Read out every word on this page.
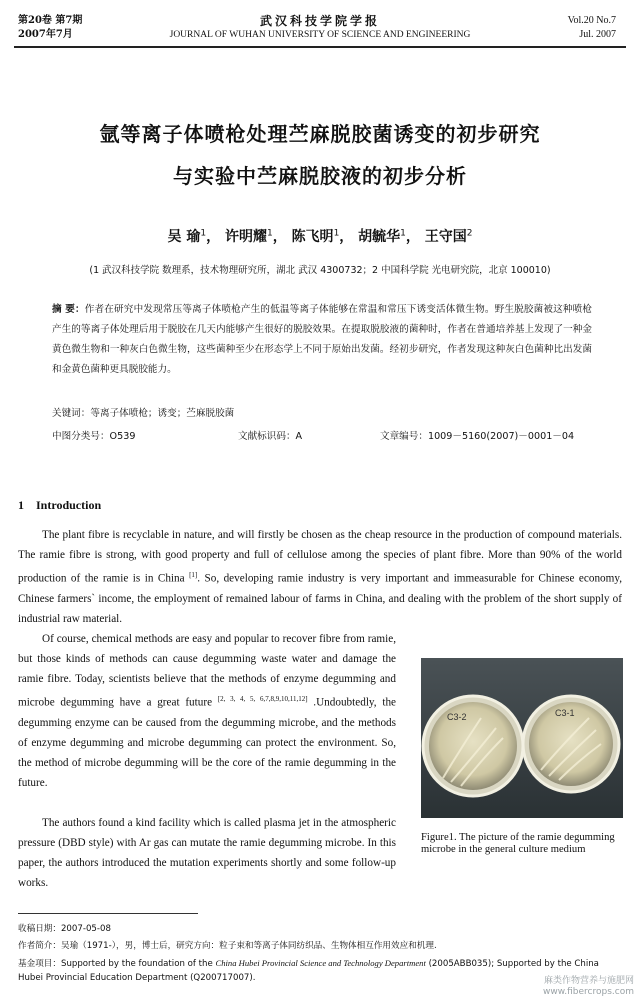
第20卷 第7期
2007年7月
武汉科技学院学报
JOURNAL OF WUHAN UNIVERSITY OF SCIENCE AND ENGINEERING
Vol.20 No.7
Jul. 2007
氩等离子体喷枪处理苎麻脱胶菌诱变的初步研究
与实验中苎麻脱胶液的初步分析
吴 瑜$^1$， 许明耀$^1$， 陈飞明$^1$， 胡毓华$^1$， 王守国$^2$
(1 武汉科技学院 数理系，技术物理研究所，湖北 武汉 4300732；2 中国科学院 光电研究院，北京 100010)
摘 要：作者在研究中发现常压等离子体喷枪产生的低温等离子体能够在常温和常压下诱变活体微生物。野生脱胶菌被这种喷枪产生的等离子体处理后用于脱胶在几天内能够产生很好的脱胶效果。在提取脱胶液的菌种时，作者在普通培养基上发现了一种金黄色微生物和一种灰白色微生物，这些菌种至少在形态学上不同于原始出发菌。经初步研究，作者发现这种灰白色菌种比出发菌和金黄色菌种更具脱胶能力。
关键词：等离子体喷枪；诱变；苎麻脱胶菌
中图分类号：O539	文献标识码：A	文章编号：1009－5160(2007)－0001－04
1 Introduction
The plant fibre is recyclable in nature, and will firstly be chosen as the cheap resource in the production of compound materials. The ramie fibre is strong, with good property and full of cellulose among the species of plant fibre. More than 90% of the world production of the ramie is in China [1]. So, developing ramie industry is very important and immeasurable for Chinese economy, Chinese farmers` income, the employment of remained labour of farms in China, and dealing with the problem of the short supply of industrial raw material.
Of course, chemical methods are easy and popular to recover fibre from ramie, but those kinds of methods can cause degumming waste water and damage the ramie fibre. Today, scientists believe that the methods of enzyme degumming and microbe degumming have a great future [2, 3, 4, 5, 6,7,8,9,10,11,12] .Undoubtedly, the degumming enzyme can be caused from the degumming microbe, and the methods of enzyme degumming and microbe degumming can protect the environment. So, the method of microbe degumming will be the core of the ramie degumming in the future.
The authors found a kind facility which is called plasma jet in the atmospheric pressure (DBD style) with Ar gas can mutate the ramie degumming microbe. In this paper, the authors introduced the mutation experiments shortly and some follow-up works.
C3-2	C3-1
Figure1. The picture of the ramie degumming microbe in the general culture medium
收稿日期：2007-05-08
作者简介：吴瑜（1971-），男，博士后，研究方向：粒子束和等离子体同纺织品、生物体相互作用效应和机理.
基金项目：Supported by the foundation of the China Hubei Provincial Science and Technology Department (2005ABB035); Supported by the China Hubei Provincial Education Department (Q200717007).	麻类作物营养与施肥网
www.fibercrops.com
